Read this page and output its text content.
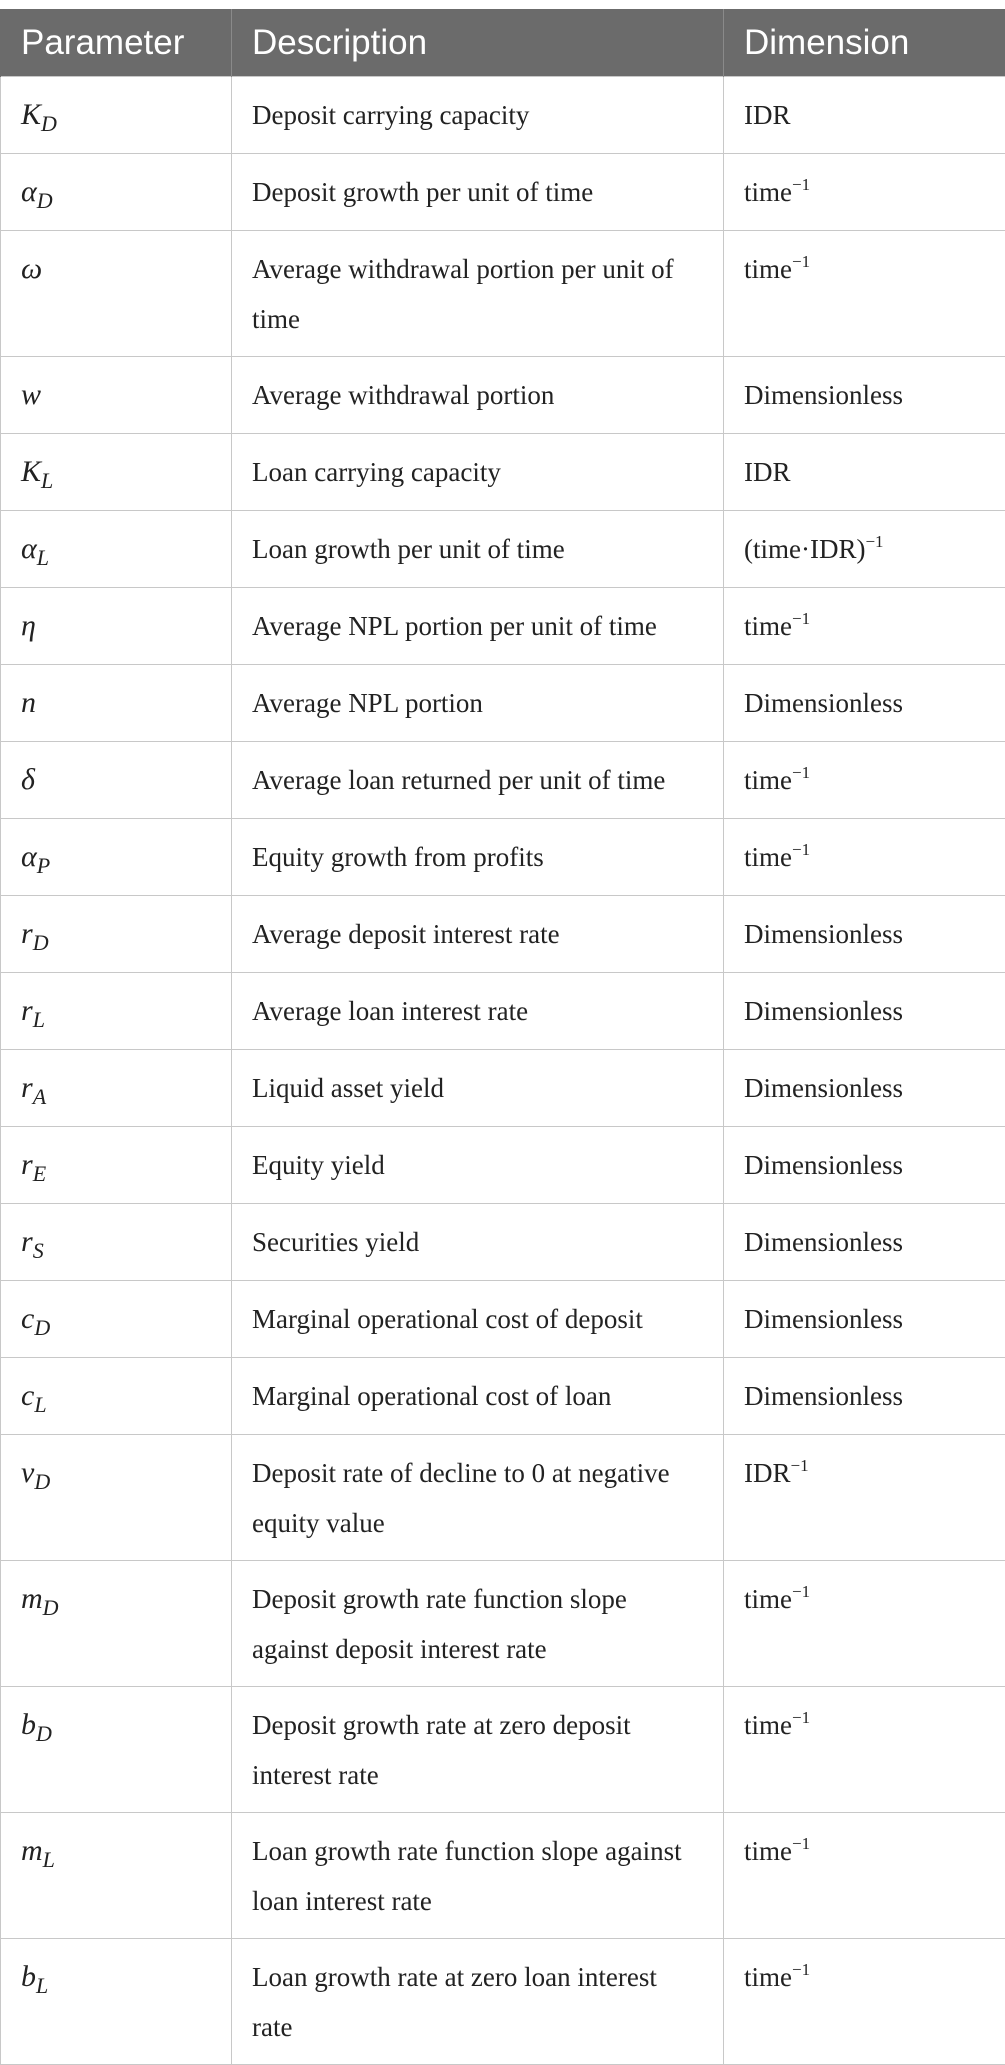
Parameter	Description	Dimension
$K_D$	Deposit carrying capacity	IDR
$\alpha_D$	Deposit growth per unit of time	time$^{-1}$
ω	Average withdrawal portion per unit of time	time$^{-1}$
w	Average withdrawal portion	Dimensionless
$K_L$	Loan carrying capacity	IDR
$\alpha_L$	Loan growth per unit of time	(time·IDR)$^{-1}$
η	Average NPL portion per unit of time	time$^{-1}$
n	Average NPL portion	Dimensionless
δ	Average loan returned per unit of time	time$^{-1}$
$\alpha_P$	Equity growth from profits	time$^{-1}$
$r_D$	Average deposit interest rate	Dimensionless
$r_L$	Average loan interest rate	Dimensionless
$r_A$	Liquid asset yield	Dimensionless
$r_E$	Equity yield	Dimensionless
$r_S$	Securities yield	Dimensionless
$c_D$	Marginal operational cost of deposit	Dimensionless
$c_L$	Marginal operational cost of loan	Dimensionless
$\nu_D$	Deposit rate of decline to 0 at negative equity value	$IDR^{-1}$
$m_D$	Deposit growth rate function slope against deposit interest rate	time$^{-1}$
$b_D$	Deposit growth rate at zero deposit interest rate	time$^{-1}$
$m_L$	Loan growth rate function slope against loan interest rate	time$^{-1}$
$b_L$	Loan growth rate at zero loan interest rate	time$^{-1}$
